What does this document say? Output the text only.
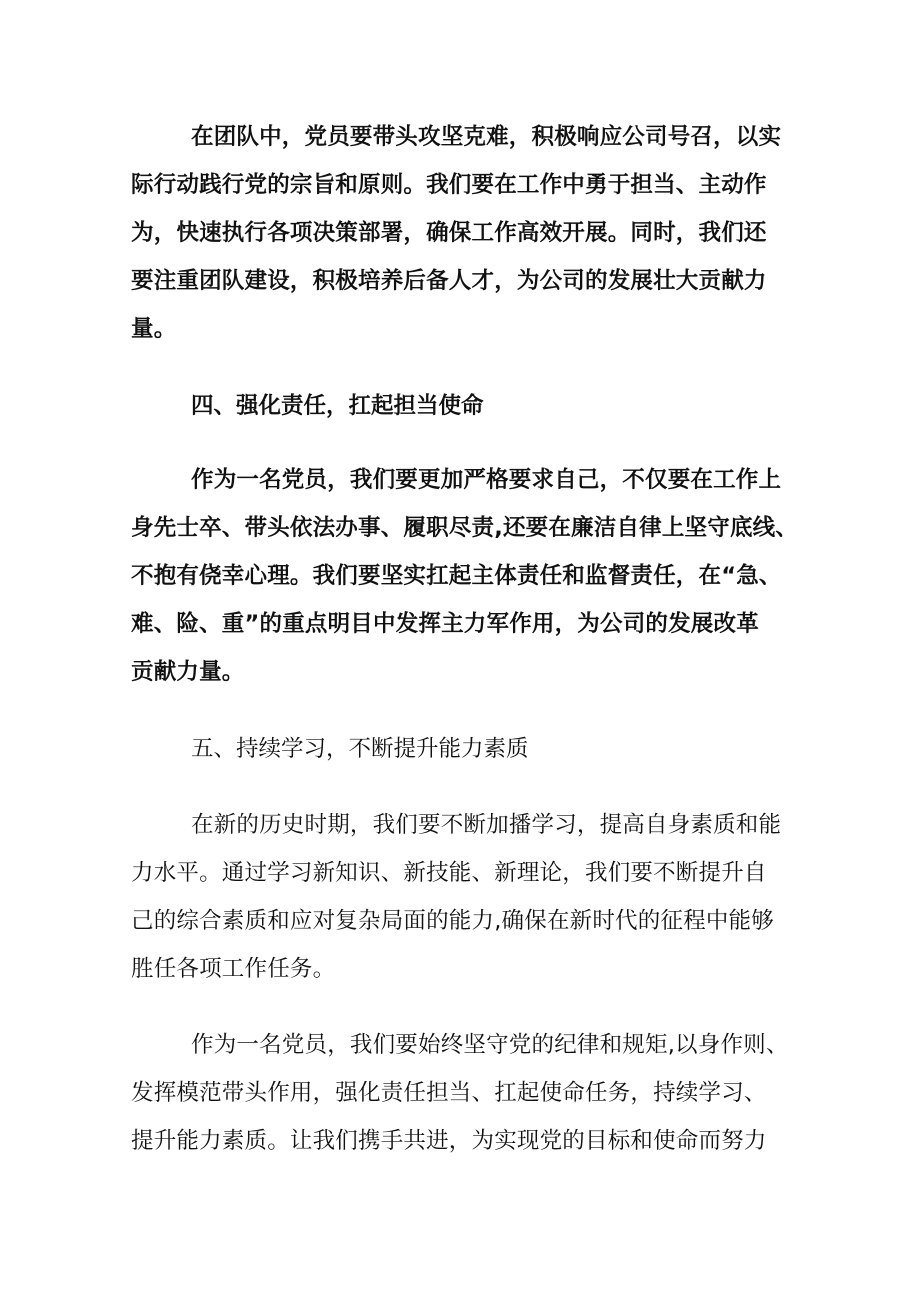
在团队中，党员要带头攻坚克难，积极响应公司号召，以实
际行动践行党的宗旨和原则。我们要在工作中勇于担当、主动作
为，快速执行各项决策部署，确保工作高效开展。同时，我们还
要注重团队建设，积极培养后备人才，为公司的发展壮大贡献力
量。
四、强化责任，扛起担当使命
作为一名党员，我们要更加严格要求自己，不仅要在工作上
身先士卒、带头依法办事、履职尽责,还要在廉洁自律上坚守底线、
不抱有侥幸心理。我们要坚实扛起主体责任和监督责任，在“急、
难、险、重”的重点明目中发挥主力军作用，为公司的发展改革
贡献力量。
五、持续学习，不断提升能力素质
在新的历史时期，我们要不断加播学习，提高自身素质和能
力水平。通过学习新知识、新技能、新理论，我们要不断提升自
己的综合素质和应对复杂局面的能力,确保在新时代的征程中能够
胜任各项工作任务。
作为一名党员，我们要始终坚守党的纪律和规矩,以身作则、
发挥模范带头作用，强化责任担当、扛起使命任务，持续学习、
提升能力素质。让我们携手共进，为实现党的目标和使命而努力
